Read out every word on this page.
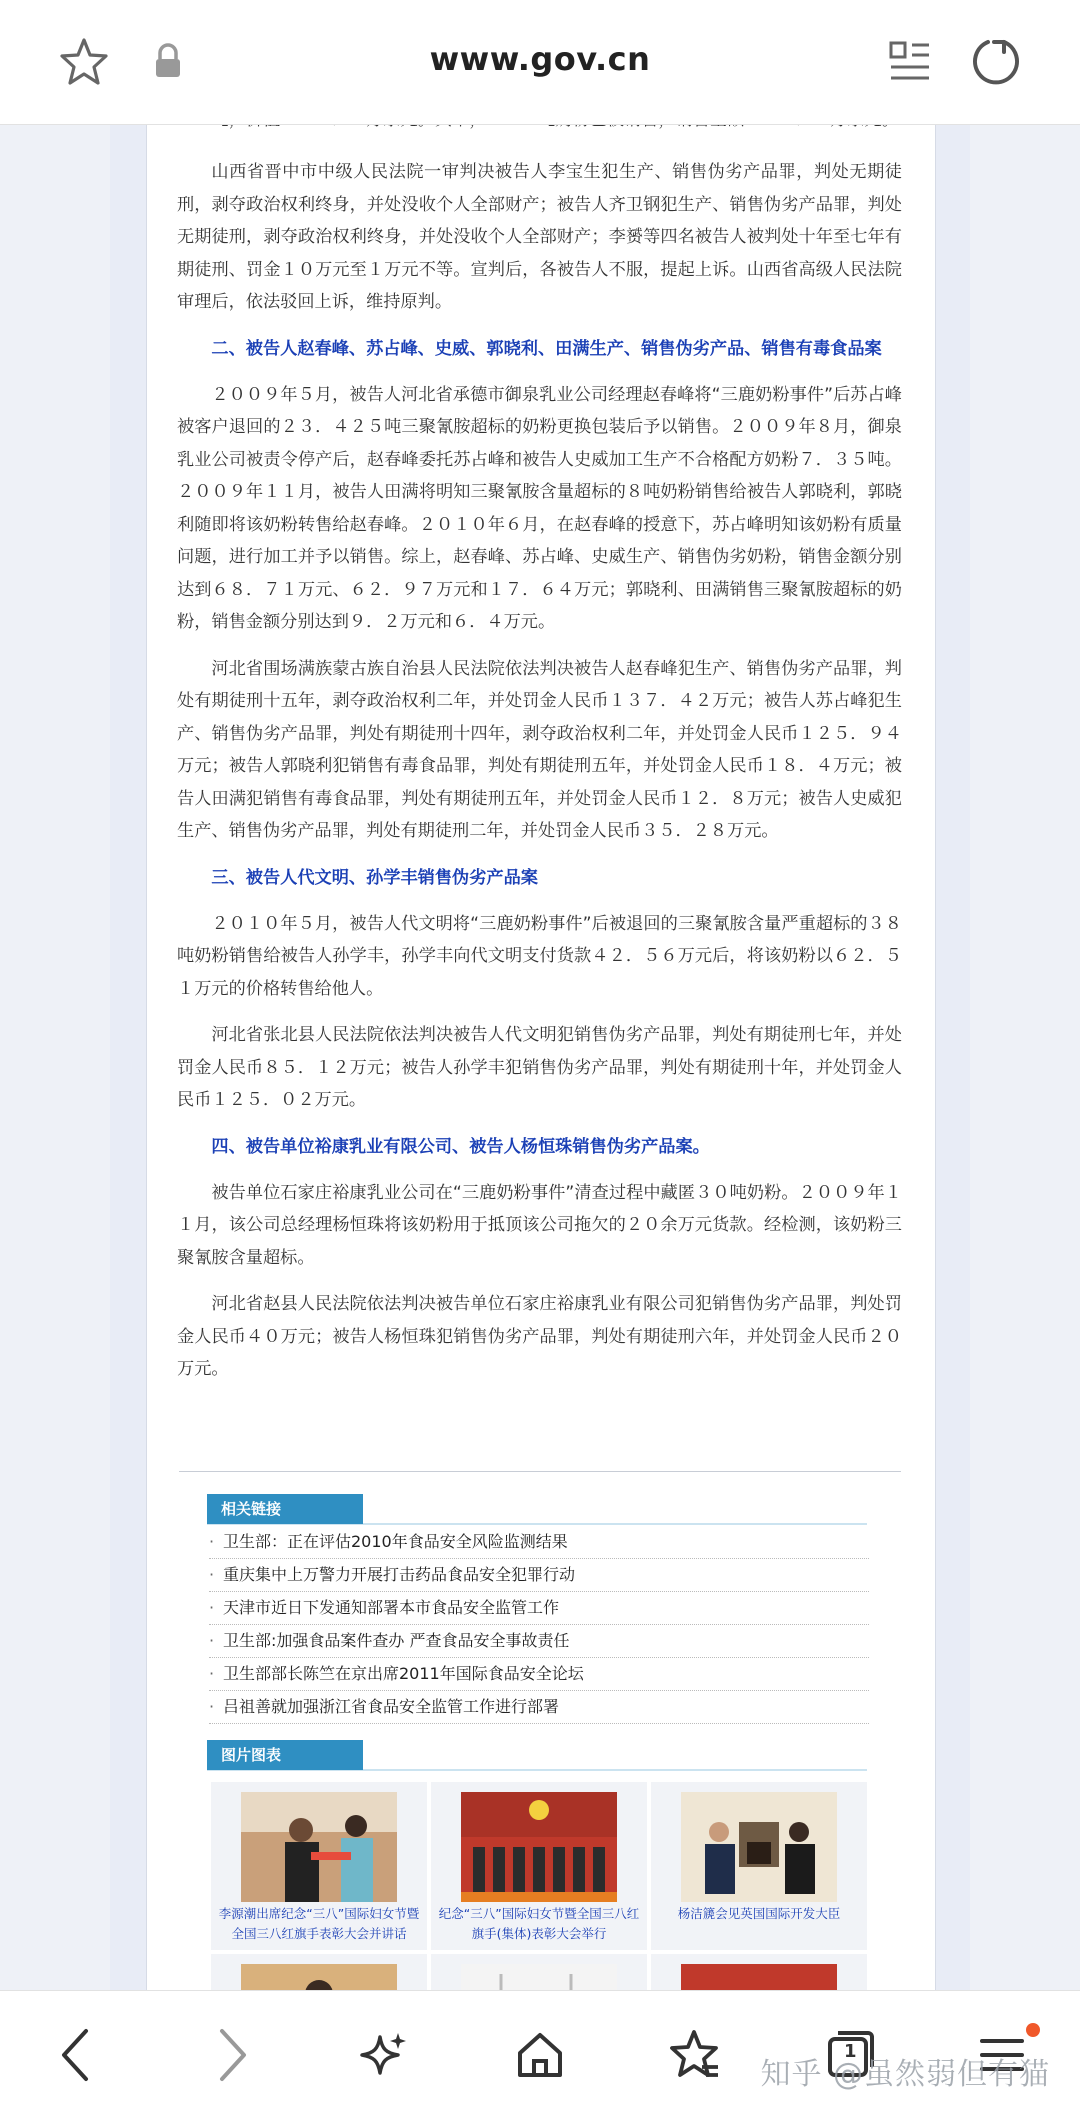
www.gov.cn

山西省晋中市中级人民法院一审判决被告人李宝生犯生产、销售伪劣产品罪，判处无期徒刑，剥夺政治权利终身，并处没收个人全部财产；被告人齐卫钢犯生产、销售伪劣产品罪，判处无期徒刑，剥夺政治权利终身，并处没收个人全部财产；李赟等四名被告人被判处十年至七年有期徒刑、罚金１０万元至１万元不等。宣判后，各被告人不服，提起上诉。山西省高级人民法院审理后，依法驳回上诉，维持原判。

二、被告人赵春峰、苏占峰、史威、郭晓利、田满生产、销售伪劣产品、销售有毒食品案

２００９年５月，被告人河北省承德市御泉乳业公司经理赵春峰将“三鹿奶粉事件”后苏占峰被客户退回的２３．４２５吨三聚氰胺超标的奶粉更换包装后予以销售。２００９年８月，御泉乳业公司被责令停产后，赵春峰委托苏占峰和被告人史威加工生产不合格配方奶粉７．３５吨。２００９年１１月，被告人田满将明知三聚氰胺含量超标的８吨奶粉销售给被告人郭晓利，郭晓利随即将该奶粉转售给赵春峰。２０１０年６月，在赵春峰的授意下，苏占峰明知该奶粉有质量问题，进行加工并予以销售。综上，赵春峰、苏占峰、史威生产、销售伪劣奶粉，销售金额分别达到６８．７１万元、６２．９７万元和１７．６４万元；郭晓利、田满销售三聚氰胺超标的奶粉，销售金额分别达到９．２万元和６．４万元。

河北省围场满族蒙古族自治县人民法院依法判决被告人赵春峰犯生产、销售伪劣产品罪，判处有期徒刑十五年，剥夺政治权利二年，并处罚金人民币１３７．４２万元；被告人苏占峰犯生产、销售伪劣产品罪，判处有期徒刑十四年，剥夺政治权利二年，并处罚金人民币１２５．９４万元；被告人郭晓利犯销售有毒食品罪，判处有期徒刑五年，并处罚金人民币１８．４万元；被告人田满犯销售有毒食品罪，判处有期徒刑五年，并处罚金人民币１２．８万元；被告人史威犯生产、销售伪劣产品罪，判处有期徒刑二年，并处罚金人民币３５．２８万元。

三、被告人代文明、孙学丰销售伪劣产品案

２０１０年５月，被告人代文明将“三鹿奶粉事件”后被退回的三聚氰胺含量严重超标的３８吨奶粉销售给被告人孙学丰，孙学丰向代文明支付货款４２．５６万元后，将该奶粉以６２．５１万元的价格转售给他人。

河北省张北县人民法院依法判决被告人代文明犯销售伪劣产品罪，判处有期徒刑七年，并处罚金人民币８５．１２万元；被告人孙学丰犯销售伪劣产品罪，判处有期徒刑十年，并处罚金人民币１２５．０２万元。

四、被告单位裕康乳业有限公司、被告人杨恒珠销售伪劣产品案。

被告单位石家庄裕康乳业公司在“三鹿奶粉事件”清查过程中藏匿３０吨奶粉。２００９年１１月，该公司总经理杨恒珠将该奶粉用于抵顶该公司拖欠的２０余万元货款。经检测，该奶粉三聚氰胺含量超标。

河北省赵县人民法院依法判决被告单位石家庄裕康乳业有限公司犯销售伪劣产品罪，判处罚金人民币４０万元；被告人杨恒珠犯销售伪劣产品罪，判处有期徒刑六年，并处罚金人民币２０万元。

相关链接
· 卫生部：正在评估2010年食品安全风险监测结果
· 重庆集中上万警力开展打击药品食品安全犯罪行动
· 天津市近日下发通知部署本市食品安全监管工作
· 卫生部:加强食品案件查办 严查食品安全事故责任
· 卫生部部长陈竺在京出席2011年国际食品安全论坛
· 吕祖善就加强浙江省食品安全监管工作进行部署
图片图表
李源潮出席纪念“三八”国际妇女节暨全国三八红旗手表彰大会并讲话
纪念“三八”国际妇女节暨全国三八红旗手(集体)表彰大会举行
杨洁篪会见英国国际开发大臣
1
知乎 @虽然弱但有猫
